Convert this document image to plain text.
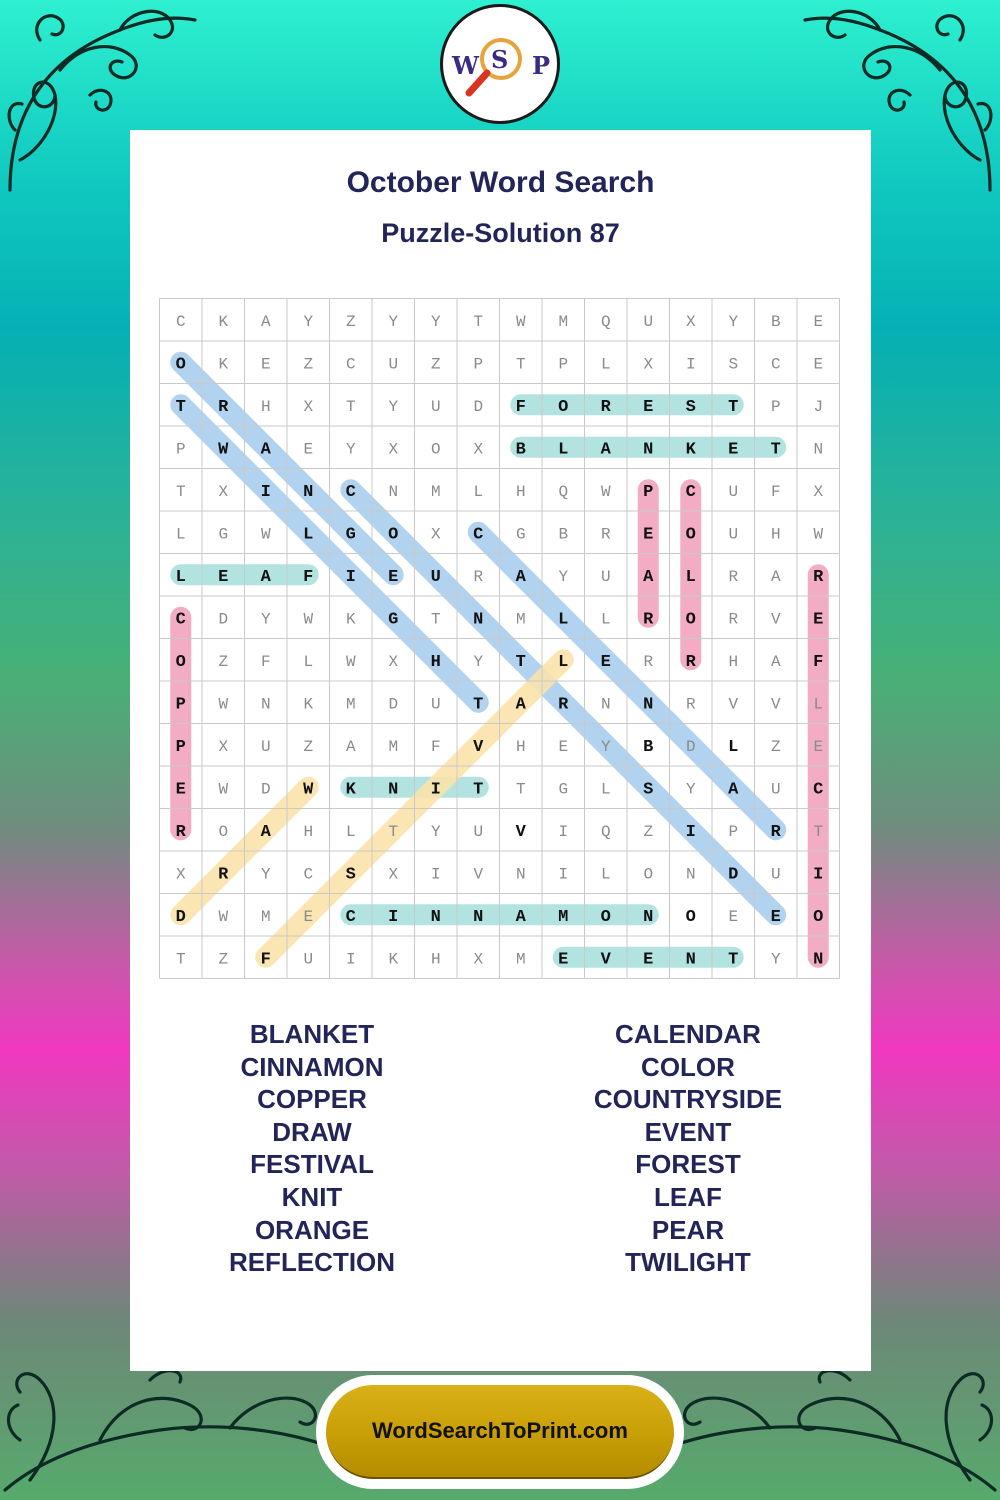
W S P
October Word Search
Puzzle-Solution 87
C K A Y Z Y Y T W M Q U X Y B E
O K E Z C U Z P T P L X I S C E
T R H X T Y U D F O R E S T P J
P W A E Y X O X B L A N K E T N
T X I N C N M L H Q W P C U F X
L G W L G O X C G B R E O U H W
L E A F I E U R A Y U A L R A R
C D Y W K G T N M L L R O R V E
O Z F L W X H Y T L E R R H A F
P W N K M D U T A R N N R V V L
P X U Z A M F V H E Y B D L Z E
E W D W K N I T T G L S Y A U C
R O A H L T Y U V I Q Z I P R T
X R Y C S X I V N I L O N D U I
D W M E C I N N A M O N O E E O
T Z F U I K H X M E V E N T Y N
BLANKET
CINNAMON
COPPER
DRAW
FESTIVAL
KNIT
ORANGE
REFLECTION
CALENDAR
COLOR
COUNTRYSIDE
EVENT
FOREST
LEAF
PEAR
TWILIGHT
WordSearchToPrint.com
